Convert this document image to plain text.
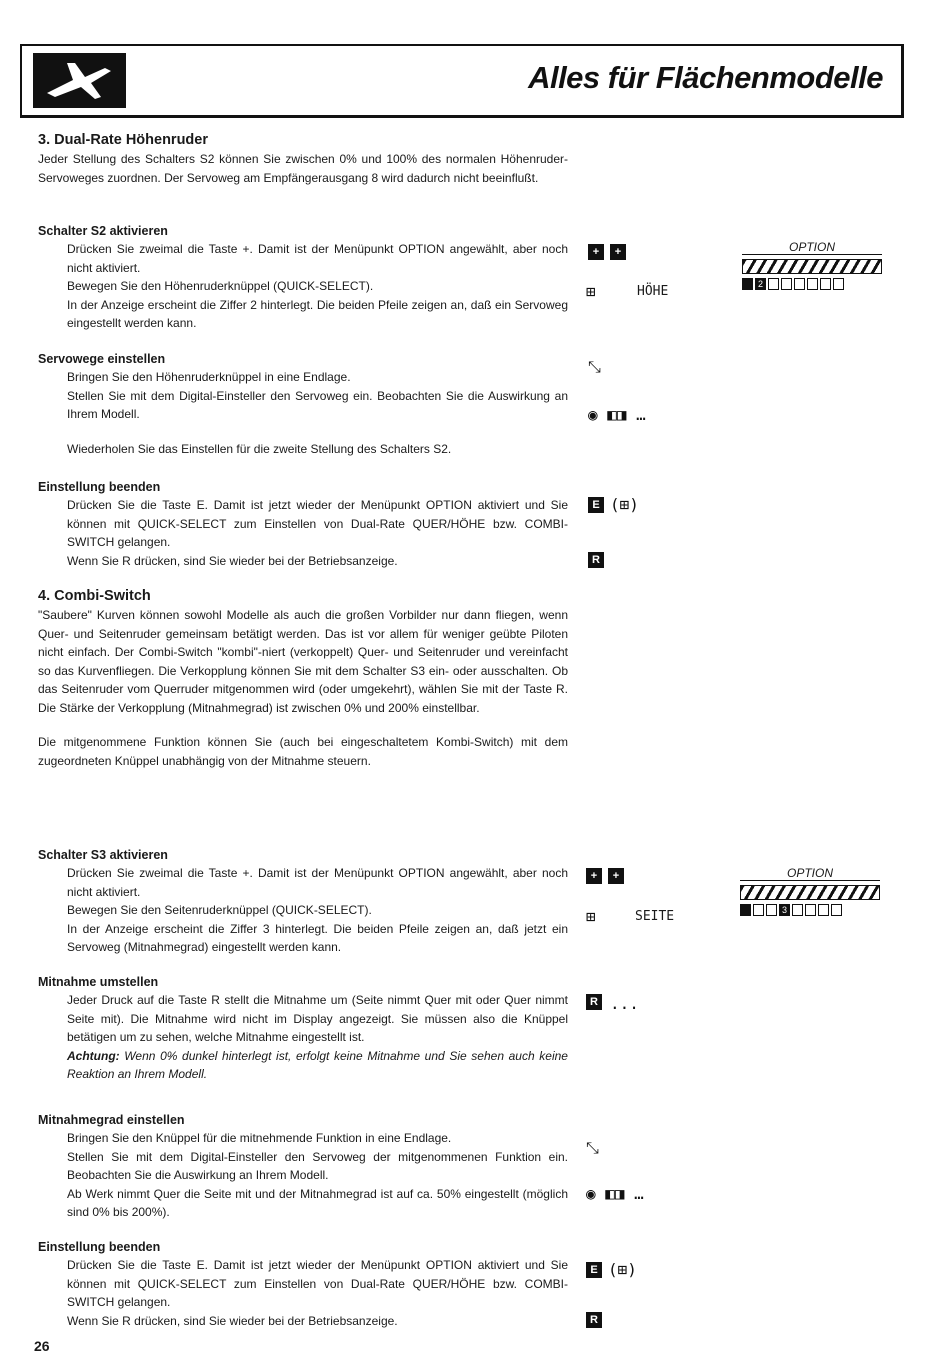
Alles für Flächenmodelle

3. Dual-Rate Höhenruder

Jeder Stellung des Schalters S2 können Sie zwischen 0% und 100% des normalen Höhenruder-Servoweges zuordnen. Der Servoweg am Empfängerausgang 8 wird dadurch nicht beeinflußt.

Schalter S2 aktivieren

Drücken Sie zweimal die Taste +. Damit ist der Menüpunkt OPTION angewählt, aber noch nicht aktiviert.

Bewegen Sie den Höhenruderknüppel (QUICK-SELECT).

In der Anzeige erscheint die Ziffer 2 hinterlegt. Die beiden Pfeile zeigen an, daß ein Servoweg eingestellt werden kann.

Servowege einstellen

Bringen Sie den Höhenruderknüppel in eine Endlage.

Stellen Sie mit dem Digital-Einsteller den Servoweg ein. Beobachten Sie die Auswirkung an Ihrem Modell.

Wiederholen Sie das Einstellen für die zweite Stellung des Schalters S2.

Einstellung beenden

Drücken Sie die Taste E. Damit ist jetzt wieder der Menüpunkt OPTION aktiviert und Sie können mit QUICK-SELECT zum Einstellen von Dual-Rate QUER/HÖHE bzw. COMBI-SWITCH gelangen.

Wenn Sie R drücken, sind Sie wieder bei der Betriebsanzeige.

4. Combi-Switch

"Saubere" Kurven können sowohl Modelle als auch die großen Vorbilder nur dann fliegen, wenn Quer- und Seitenruder gemeinsam betätigt werden. Das ist vor allem für weniger geübte Piloten nicht einfach. Der Combi-Switch "kombi"-niert (verkoppelt) Quer- und Seitenruder und vereinfacht so das Kurvenfliegen. Die Verkopplung können Sie mit dem Schalter S3 ein- oder ausschalten. Ob das Seitenruder vom Querruder mitgenommen wird (oder umgekehrt), wählen Sie mit der Taste R. Die Stärke der Verkopplung (Mitnahmegrad) ist zwischen 0% und 200% einstellbar.

Die mitgenommene Funktion können Sie (auch bei eingeschaltetem Kombi-Switch) mit dem zugeordneten Knüppel unabhängig von der Mitnahme steuern.

Schalter S3 aktivieren

Drücken Sie zweimal die Taste +. Damit ist der Menüpunkt OPTION angewählt, aber noch nicht aktiviert.

Bewegen Sie den Seitenruderknüppel (QUICK-SELECT).

In der Anzeige erscheint die Ziffer 3 hinterlegt. Die beiden Pfeile zeigen an, daß jetzt ein Servoweg (Mitnahmegrad) eingestellt werden kann.

Mitnahme umstellen

Jeder Druck auf die Taste R stellt die Mitnahme um (Seite nimmt Quer mit oder Quer nimmt Seite mit). Die Mitnahme wird nicht im Display angezeigt. Sie müssen also die Knüppel betätigen um zu sehen, welche Mitnahme eingestellt ist.

Achtung: Wenn 0% dunkel hinterlegt ist, erfolgt keine Mitnahme und Sie sehen auch keine Reaktion an Ihrem Modell.

Mitnahmegrad einstellen

Bringen Sie den Knüppel für die mitnehmende Funktion in eine Endlage.

Stellen Sie mit dem Digital-Einsteller den Servoweg der mitgenommenen Funktion ein. Beobachten Sie die Auswirkung an Ihrem Modell.

Ab Werk nimmt Quer die Seite mit und der Mitnahmegrad ist auf ca. 50% eingestellt (möglich sind 0% bis 200%).

Einstellung beenden

Drücken Sie die Taste E. Damit ist jetzt wieder der Menüpunkt OPTION aktiviert und Sie können mit QUICK-SELECT zum Einstellen von Dual-Rate QUER/HÖHE bzw. COMBI-SWITCH gelangen.

Wenn Sie R drücken, sind Sie wieder bei der Betriebsanzeige.

+ +
⊞	HÖHE
OPTION
2
⤡
◉ ◧◨ …
E (⊞)
R
+ +
⊞	SEITE
OPTION
3
R ...
⤡
◉ ◧◨ …
E (⊞)
R
26
